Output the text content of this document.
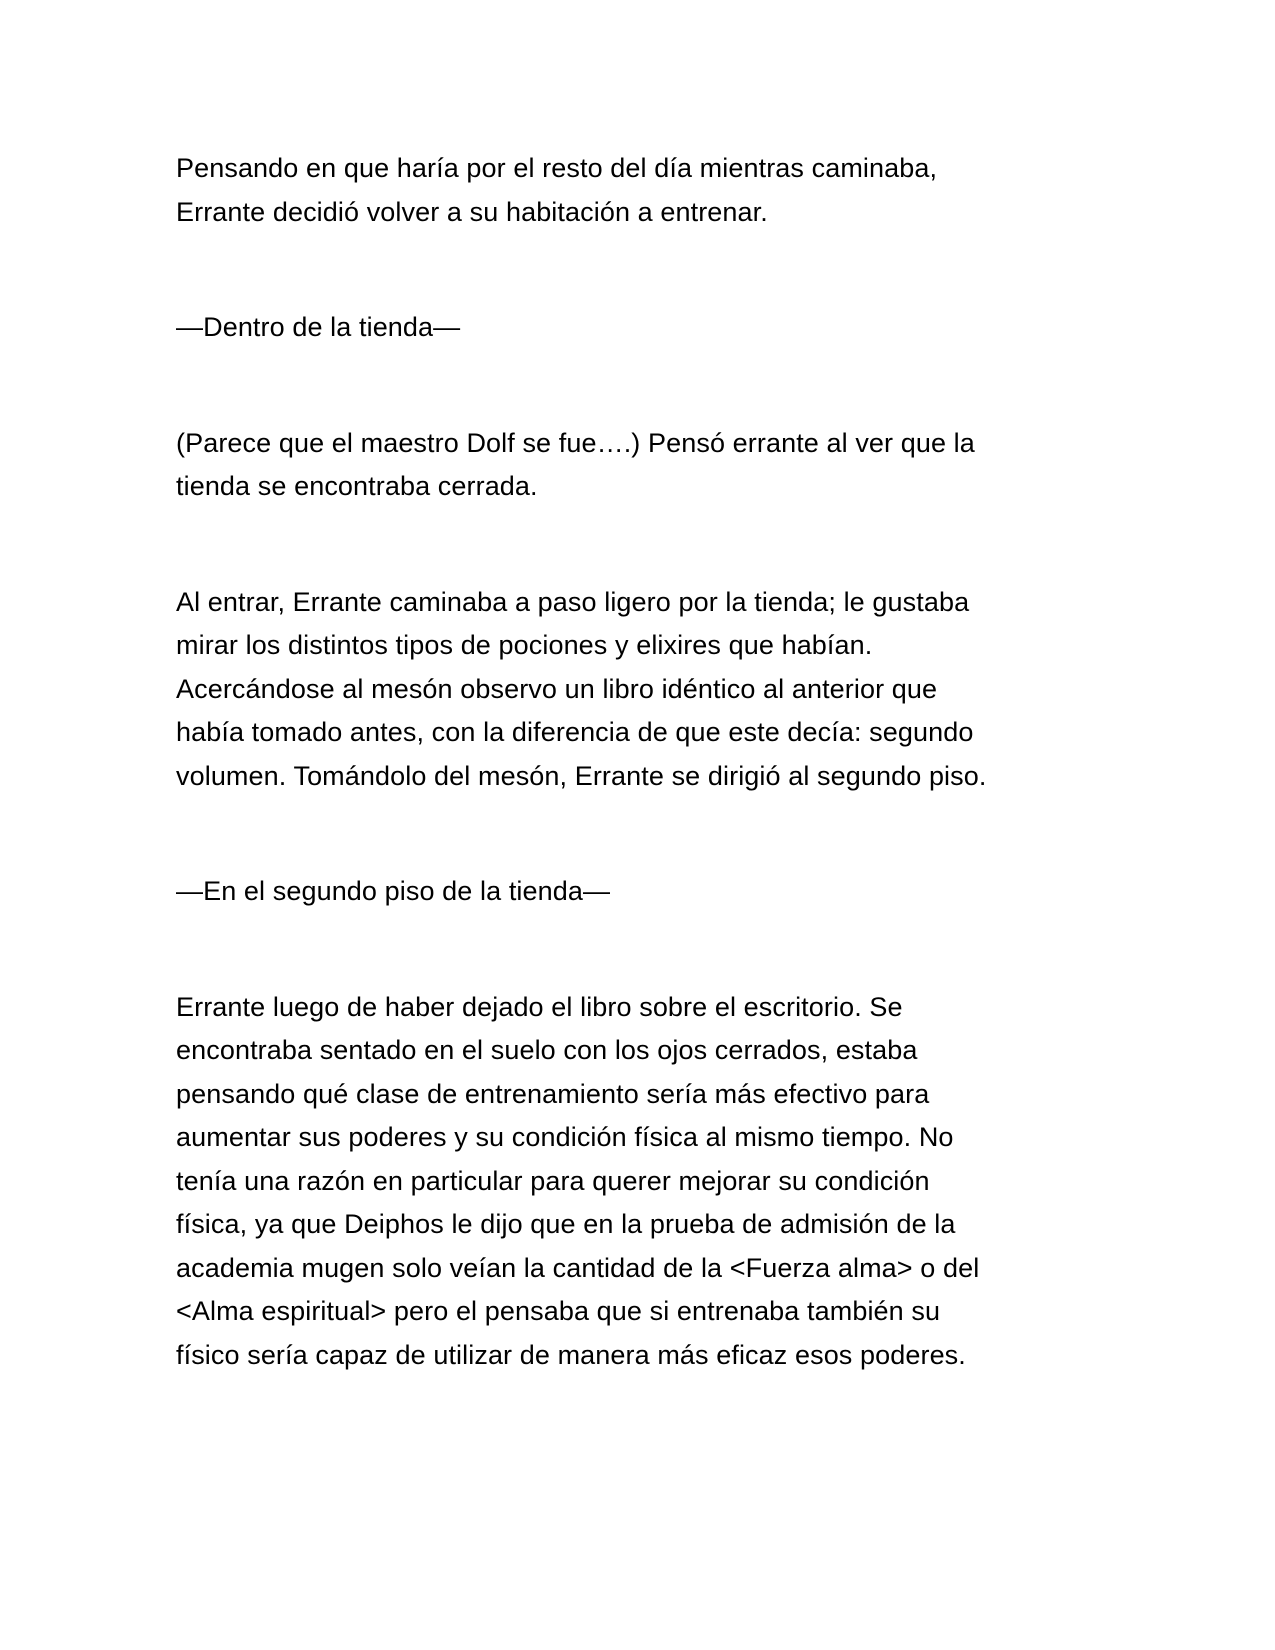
Pensando en que haría por el resto del día mientras caminaba,
Errante decidió volver a su habitación a entrenar.

—Dentro de la tienda—

(Parece que el maestro Dolf se fue….) Pensó errante al ver que la
tienda se encontraba cerrada.

Al entrar, Errante caminaba a paso ligero por la tienda; le gustaba
mirar los distintos tipos de pociones y elixires que habían.
Acercándose al mesón observo un libro idéntico al anterior que
había tomado antes, con la diferencia de que este decía: segundo
volumen. Tomándolo del mesón, Errante se dirigió al segundo piso.

—En el segundo piso de la tienda—

Errante luego de haber dejado el libro sobre el escritorio. Se
encontraba sentado en el suelo con los ojos cerrados, estaba
pensando qué clase de entrenamiento sería más efectivo para
aumentar sus poderes y su condición física al mismo tiempo. No
tenía una razón en particular para querer mejorar su condición
física, ya que Deiphos le dijo que en la prueba de admisión de la
academia mugen solo veían la cantidad de la <Fuerza alma> o del
<Alma espiritual> pero el pensaba que si entrenaba también su
físico sería capaz de utilizar de manera más eficaz esos poderes.
